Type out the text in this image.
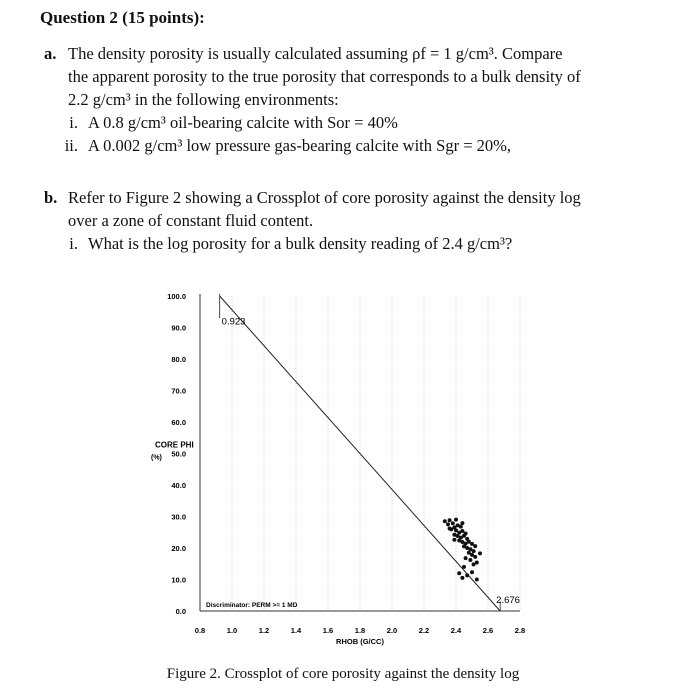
Question 2 (15 points):
a. The density porosity is usually calculated assuming ρf = 1 g/cm³. Compare
the apparent porosity to the true porosity that corresponds to a bulk density of
2.2 g/cm³ in the following environments:
i. A 0.8 g/cm³ oil-bearing calcite with Sor = 40%
ii. A 0.002 g/cm³ low pressure gas-bearing calcite with Sgr = 20%,
b. Refer to Figure 2 showing a Crossplot of core porosity against the density log
over a zone of constant fluid content.
i. What is the log porosity for a bulk density reading of 2.4 g/cm³?
0.0
10.0
20.0
30.0
40.0
50.0
60.0
70.0
80.0
90.0
100.0
0.8	1.0	1.2	1.4	1.6	1.8	2.0	2.2	2.4	2.6	2.8
CORE PHI
(%)
RHOB (G/CC)
0.923
2.676
Discriminator: PERM >= 1 MD
Figure 2. Crossplot of core porosity against the density log
